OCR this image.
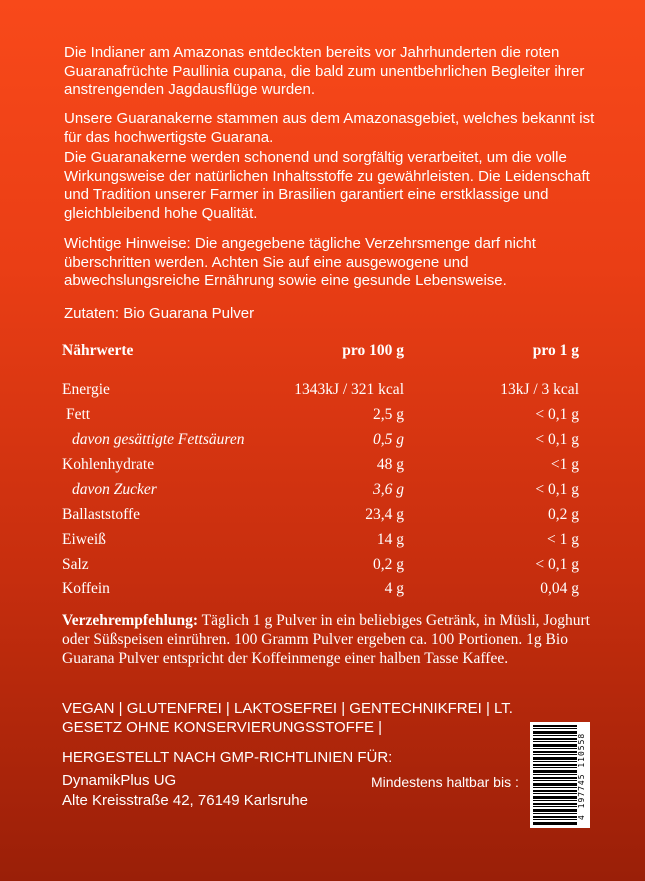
Die Indianer am Amazonas entdeckten bereits vor Jahrhunderten die roten Guaranafrüchte Paullinia cupana, die bald zum unentbehrlichen Begleiter ihrer anstrengenden Jagdausflüge wurden.

Unsere Guaranakerne stammen aus dem Amazonasgebiet, welches bekannt ist für das hochwertigste Guarana.

Die Guaranakerne werden schonend und sorgfältig verarbeitet, um die volle Wirkungsweise der natürlichen Inhaltsstoffe zu gewährleisten. Die Leidenschaft und Tradition unserer Farmer in Brasilien garantiert eine erstklassige und gleichbleibend hohe Qualität.

Wichtige Hinweise: Die angegebene tägliche Verzehrsmenge darf nicht überschritten werden. Achten Sie auf eine ausgewogene und abwechslungsreiche Ernährung sowie eine gesunde Lebensweise.

Zutaten: Bio Guarana Pulver

Nährwerte	pro 100 g	pro 1 g
Energie	1343kJ / 321 kcal	13kJ / 3 kcal
Fett	2,5 g	< 0,1 g
davon gesättigte Fettsäuren	0,5 g	< 0,1 g
Kohlenhydrate	48 g	<1 g
davon Zucker	3,6 g	< 0,1 g
Ballaststoffe	23,4 g	0,2 g
Eiweiß	14 g	< 1 g
Salz	0,2 g	< 0,1 g
Koffein	4 g	0,04 g

Verzehrempfehlung: Täglich 1 g Pulver in ein beliebiges Getränk, in Müsli, Joghurt oder Süßspeisen einrühren. 100 Gramm Pulver ergeben ca. 100 Portionen. 1g Bio Guarana Pulver entspricht der Koffeinmenge einer halben Tasse Kaffee.

VEGAN | GLUTENFREI | LAKTOSEFREI | GENTECHNIKFREI | LT. GESETZ OHNE KONSERVIERUNGSSTOFFE |

HERGESTELLT NACH GMP-RICHTLINIEN FÜR:

DynamikPlus UG

Alte Kreisstraße 42, 76149 Karlsruhe

Mindestens haltbar bis :	4 197745 110558
